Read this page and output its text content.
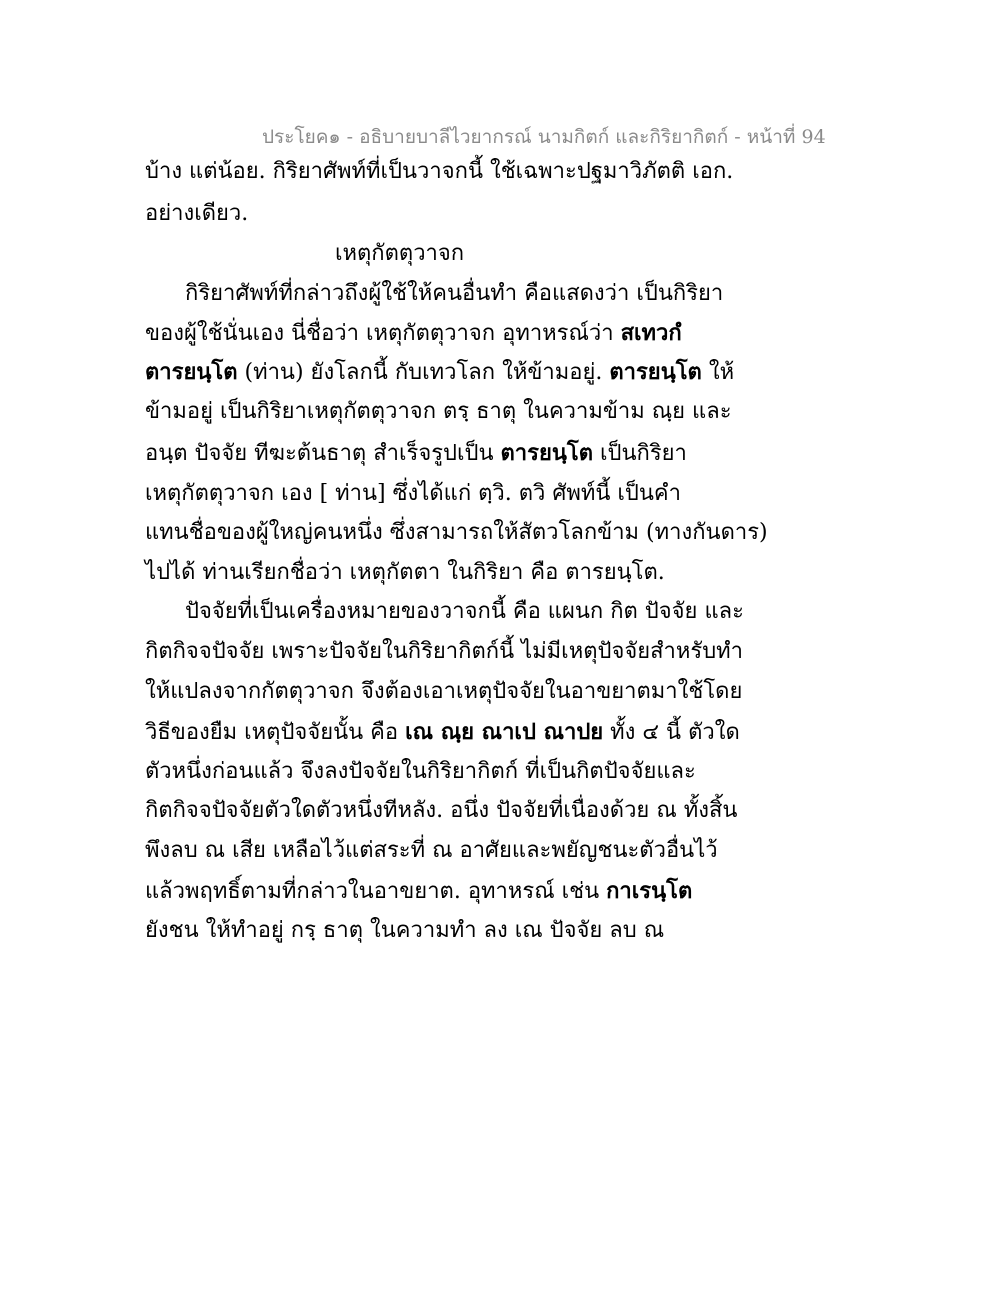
ประโยค๑ - อธิบายบาลีไวยากรณ์ นามกิตก์ และกิริยากิตก์ - หน้าที่ 94
บ้าง แต่น้อย. กิริยาศัพท์ที่เป็นวาจกนี้ ใช้เฉพาะปฐมาวิภัตติ เอก.
อย่างเดียว.
เหตุกัตตุวาจก
กิริยาศัพท์ที่กล่าวถึงผู้ใช้ให้คนอื่นทำ คือแสดงว่า เป็นกิริยา
ของผู้ใช้นั่นเอง นี่ชื่อว่า เหตุกัตตุวาจก อุทาหรณ์ว่า สเทวกํ
ตารยนฺโต (ท่าน) ยังโลกนี้ กับเทวโลก ให้ข้ามอยู่. ตารยนฺโต ให้
ข้ามอยู่ เป็นกิริยาเหตุกัตตุวาจก ตรฺ ธาตุ ในความข้าม ณฺย และ
อนฺต ปัจจัย ทีฆะต้นธาตุ สำเร็จรูปเป็น ตารยนฺโต เป็นกิริยา
เหตุกัตตุวาจก เอง [ ท่าน] ซึ่งได้แก่ ตฺวิ. ตวิ ศัพท์นี้ เป็นคำ
แทนชื่อของผู้ใหญ่คนหนึ่ง ซึ่งสามารถให้สัตวโลกข้าม (ทางกันดาร)
ไปได้ ท่านเรียกชื่อว่า เหตุกัตตา ในกิริยา คือ ตารยนฺโต.
ปัจจัยที่เป็นเครื่องหมายของวาจกนี้ คือ แผนก กิต ปัจจัย และ
กิตกิจจปัจจัย เพราะปัจจัยในกิริยากิตก์นี้ ไม่มีเหตุปัจจัยสำหรับทำ
ให้แปลงจากกัตตุวาจก จึงต้องเอาเหตุปัจจัยในอาขยาตมาใช้โดย
วิธีของยืม เหตุปัจจัยนั้น คือ เณ ณฺย ณาเป ณาปย ทั้ง ๔ นี้ ตัวใด
ตัวหนึ่งก่อนแล้ว จึงลงปัจจัยในกิริยากิตก์ ที่เป็นกิตปัจจัยและ
กิตกิจจปัจจัยตัวใดตัวหนึ่งทีหลัง. อนึ่ง ปัจจัยที่เนื่องด้วย ณ ทั้งสิ้น
พึงลบ ณ เสีย เหลือไว้แต่สระที่ ณ อาศัยและพยัญชนะตัวอื่นไว้
แล้วพฤทธิ์ตามที่กล่าวในอาขยาต. อุทาหรณ์ เช่น กาเรนฺโต
ยังชน ให้ทำอยู่ กรฺ ธาตุ ในความทำ ลง เณ ปัจจัย ลบ ณ
